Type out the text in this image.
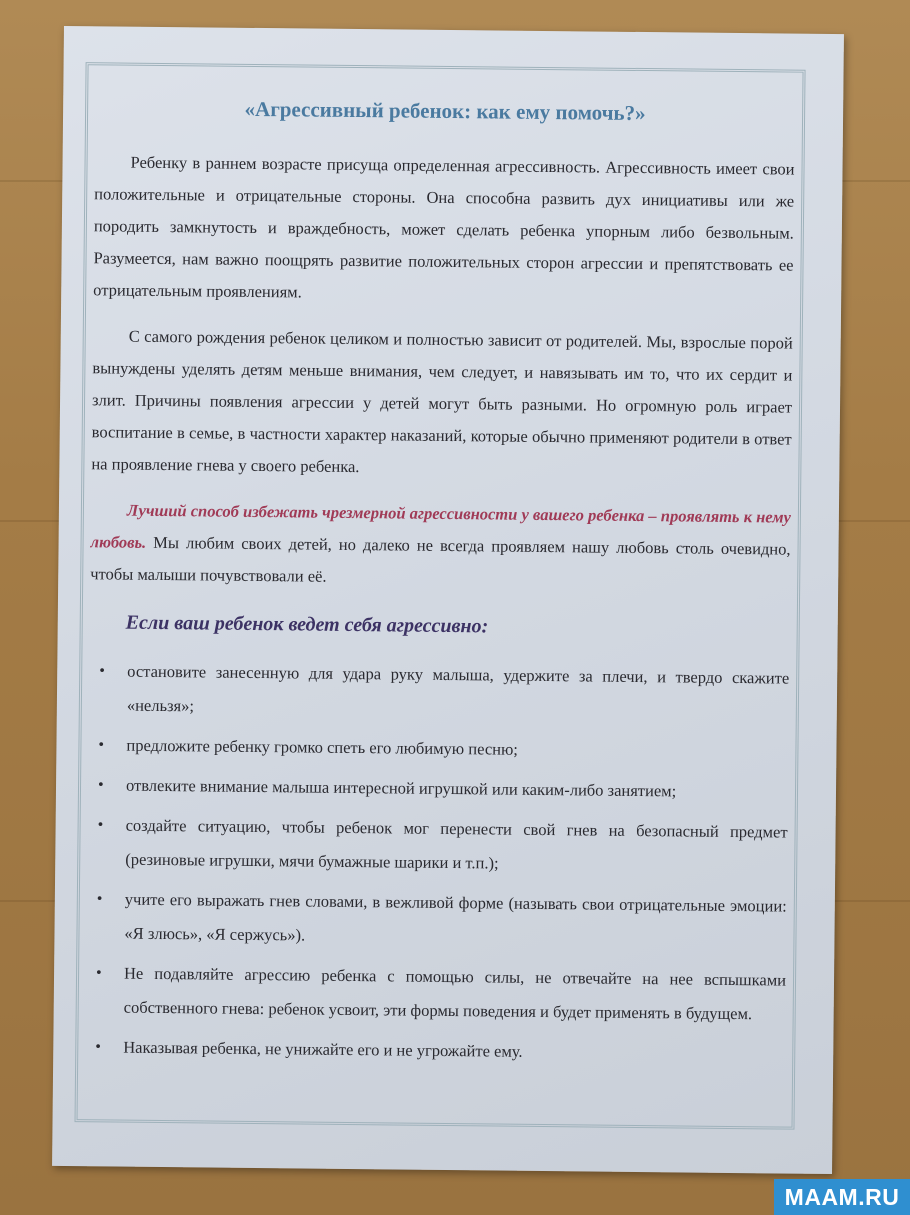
«Агрессивный ребенок: как ему помочь?»

Ребенку в раннем возрасте присуща определенная агрессивность. Агрессивность имеет свои положительные и отрицательные стороны. Она способна развить дух инициативы или же породить замкнутость и враждебность, может сделать ребенка упорным либо безвольным. Разумеется, нам важно поощрять развитие положительных сторон агрессии и препятствовать ее отрицательным проявлениям.

С самого рождения ребенок целиком и полностью зависит от родителей. Мы, взрослые порой вынуждены уделять детям меньше внимания, чем следует, и навязывать им то, что их сердит и злит. Причины появления агрессии у детей могут быть разными. Но огромную роль играет воспитание в семье, в частности характер наказаний, которые обычно применяют родители в ответ на проявление гнева у своего ребенка.

Лучший способ избежать чрезмерной агрессивности у вашего ребенка – проявлять к нему любовь. Мы любим своих детей, но далеко не всегда проявляем нашу любовь столь очевидно, чтобы малыши почувствовали её.

Если ваш ребенок ведет себя агрессивно:
• остановите занесенную для удара руку малыша, удержите за плечи, и твердо скажите «нельзя»;
• предложите ребенку громко спеть его любимую песню;
• отвлеките внимание малыша интересной игрушкой или каким-либо занятием;
• создайте ситуацию, чтобы ребенок мог перенести свой гнев на безопасный предмет (резиновые игрушки, мячи бумажные шарики и т.п.);
• учите его выражать гнев словами, в вежливой форме (называть свои отрицательные эмоции: «Я злюсь», «Я сержусь»).
• Не подавляйте агрессию ребенка с помощью силы, не отвечайте на нее вспышками собственного гнева: ребенок усвоит, эти формы поведения и будет применять в будущем.
• Наказывая ребенка, не унижайте его и не угрожайте ему.
MAAM.RU
